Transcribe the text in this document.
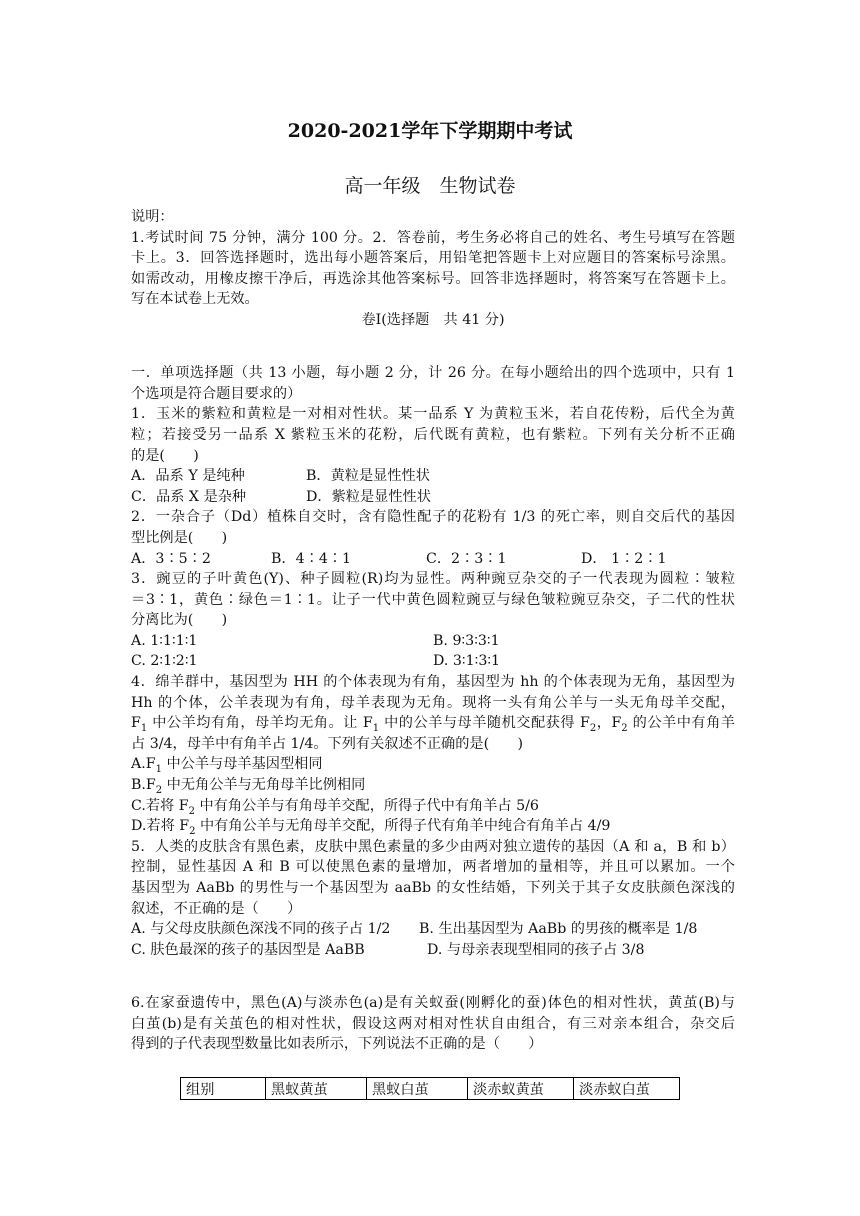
2020-2021学年下学期期中考试
高一年级　生物试卷
说明：
1.考试时间 75 分钟，满分 100 分。2．答卷前，考生务必将自己的姓名、考生号填写在答题
卡上。3．回答选择题时，选出每小题答案后，用铅笔把答题卡上对应题目的答案标号涂黑。
如需改动，用橡皮擦干净后，再选涂其他答案标号。回答非选择题时，将答案写在答题卡上。
写在本试卷上无效。
卷Ⅰ(选择题　共 41 分)
一．单项选择题（共 13 小题，每小题 2 分，计 26 分。在每小题给出的四个选项中，只有 1
个选项是符合题目要求的）
1．玉米的紫粒和黄粒是一对相对性状。某一品系 Y 为黄粒玉米，若自花传粉，后代全为黄
粒；若接受另一品系 X 紫粒玉米的花粉，后代既有黄粒，也有紫粒。下列有关分析不正确
的是(　　)
A．品系 Y 是纯种	B．黄粒是显性性状
C．品系 X 是杂种	D．紫粒是显性性状
2．一杂合子（Dd）植株自交时，含有隐性配子的花粉有 1/3 的死亡率，则自交后代的基因
型比例是(　　)
A．3∶5∶2	B．4∶4∶1	C．2∶3∶1	D． 1∶2∶1
3．豌豆的子叶黄色(Y)、种子圆粒(R)均为显性。两种豌豆杂交的子一代表现为圆粒∶皱粒
＝3∶1，黄色∶绿色＝1∶1。让子一代中黄色圆粒豌豆与绿色皱粒豌豆杂交，子二代的性状
分离比为(　　)
A. 1∶1∶1∶1	B. 9∶3∶3∶1
C. 2∶1∶2∶1	D. 3∶1∶3∶1
4．绵羊群中，基因型为 HH 的个体表现为有角，基因型为 hh 的个体表现为无角，基因型为
Hh 的个体，公羊表现为有角，母羊表现为无角。现将一头有角公羊与一头无角母羊交配，
$F_1$ 中公羊均有角，母羊均无角。让 $F_1$ 中的公羊与母羊随机交配获得 $F_2$，$F_2$ 的公羊中有角羊
占 3/4，母羊中有角羊占 1/4。下列有关叙述不正确的是(　　)
$A.F_1$ 中公羊与母羊基因型相同
$B.F_2$ 中无角公羊与无角母羊比例相同
C.若将 $F_2$ 中有角公羊与有角母羊交配，所得子代中有角羊占 5/6
D.若将 $F_2$ 中有角公羊与无角母羊交配，所得子代有角羊中纯合有角羊占 4/9
5．人类的皮肤含有黑色素，皮肤中黑色素量的多少由两对独立遗传的基因（A 和 a，B 和 b）
控制，显性基因 A 和 B 可以使黑色素的量增加，两者增加的量相等，并且可以累加。一个
基因型为 AaBb 的男性与一个基因型为 aaBb 的女性结婚，下列关于其子女皮肤颜色深浅的
叙述，不正确的是（　　）
A. 与父母皮肤颜色深浅不同的孩子占 1/2	B. 生出基因型为 AaBb 的男孩的概率是 1/8
C. 肤色最深的孩子的基因型是 AaBB	D. 与母亲表现型相同的孩子占 3/8
6.在家蚕遗传中，黑色(A)与淡赤色(a)是有关蚁蚕(刚孵化的蚕)体色的相对性状，黄茧(B)与
白茧(b)是有关茧色的相对性状，假设这两对相对性状自由组合，有三对亲本组合，杂交后
得到的子代表现型数量比如表所示，下列说法不正确的是（　　）
组别	黑蚁黄茧	黑蚁白茧	淡赤蚁黄茧	淡赤蚁白茧
